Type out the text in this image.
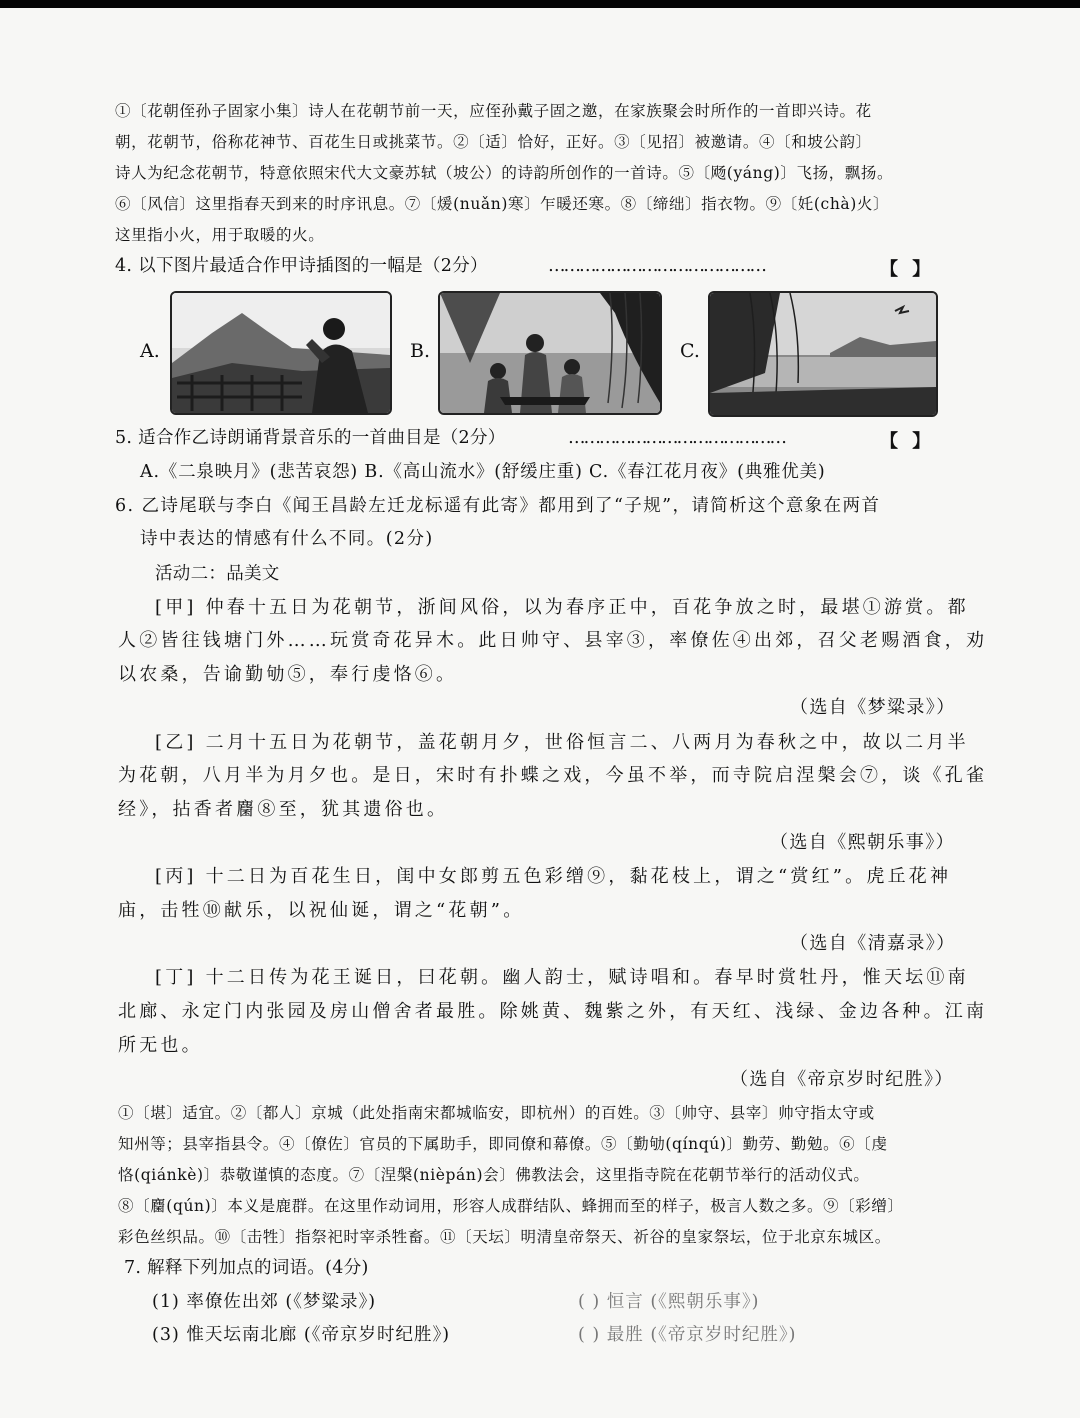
①〔花朝侄孙子固家小集〕诗人在花朝节前一天，应侄孙戴子固之邀，在家族聚会时所作的一首即兴诗。花
朝，花朝节，俗称花神节、百花生日或挑菜节。②〔适〕恰好，正好。③〔见招〕被邀请。④〔和坡公韵〕
诗人为纪念花朝节，特意依照宋代大文豪苏轼（坡公）的诗韵所创作的一首诗。⑤〔飏(yáng)〕飞扬，飘扬。
⑥〔风信〕这里指春天到来的时序讯息。⑦〔煖(nuǎn)寒〕乍暖还寒。⑧〔缔绌〕指衣物。⑨〔奼(chà)火〕
这里指小火，用于取暖的火。
4. 以下图片最适合作甲诗插图的一幅是（2分）	……………………………………	【 】
A.	B.	C.
5. 适合作乙诗朗诵背景音乐的一首曲目是（2分）	……………………………………	【 】
A.《二泉映月》(悲苦哀怨) B.《高山流水》(舒缓庄重) C.《春江花月夜》(典雅优美)
6. 乙诗尾联与李白《闻王昌龄左迁龙标遥有此寄》都用到了“子规”，请简析这个意象在两首
诗中表达的情感有什么不同。(2分)
活动二：品美文
[甲] 仲春十五日为花朝节，浙间风俗，以为春序正中，百花争放之时，最堪①游赏。都
人②皆往钱塘门外……玩赏奇花异木。此日帅守、县宰③，率僚佐④出郊，召父老赐酒食，劝
以农桑，告谕勤劬⑤，奉行虔恪⑥。
（选自《梦粱录》）
[乙] 二月十五日为花朝节，盖花朝月夕，世俗恒言二、八两月为春秋之中，故以二月半
为花朝，八月半为月夕也。是日，宋时有扑蝶之戏，今虽不举，而寺院启涅槃会⑦，谈《孔雀
经》，拈香者麕⑧至，犹其遗俗也。
（选自《熙朝乐事》）
[丙] 十二日为百花生日，闺中女郎剪五色彩缯⑨，黏花枝上，谓之“赏红”。虎丘花神
庙，击牲⑩献乐，以祝仙诞，谓之“花朝”。
（选自《清嘉录》）
[丁] 十二日传为花王诞日，曰花朝。幽人韵士，赋诗唱和。春早时赏牡丹，惟天坛⑪南
北廊、永定门内张园及房山僧舍者最胜。除姚黄、魏紫之外，有天红、浅绿、金边各种。江南
所无也。
（选自《帝京岁时纪胜》）
①〔堪〕适宜。②〔都人〕京城（此处指南宋都城临安，即杭州）的百姓。③〔帅守、县宰〕帅守指太守或
知州等；县宰指县令。④〔僚佐〕官员的下属助手，即同僚和幕僚。⑤〔勤劬(qínqú)〕勤劳、勤勉。⑥〔虔
恪(qiánkè)〕恭敬谨慎的态度。⑦〔涅槃(nièpán)会〕佛教法会，这里指寺院在花朝节举行的活动仪式。
⑧〔麕(qún)〕本义是鹿群。在这里作动词用，形容人成群结队、蜂拥而至的样子，极言人数之多。⑨〔彩缯〕
彩色丝织品。⑩〔击牲〕指祭祀时宰杀牲畜。⑪〔天坛〕明清皇帝祭天、祈谷的皇家祭坛，位于北京东城区。
7. 解释下列加点的词语。(4分)
(1) 率僚佐出郊 (《梦粱录》)	( ) 恒言 (《熙朝乐事》)
(3) 惟天坛南北廊 (《帝京岁时纪胜》)	( ) 最胜 (《帝京岁时纪胜》)
